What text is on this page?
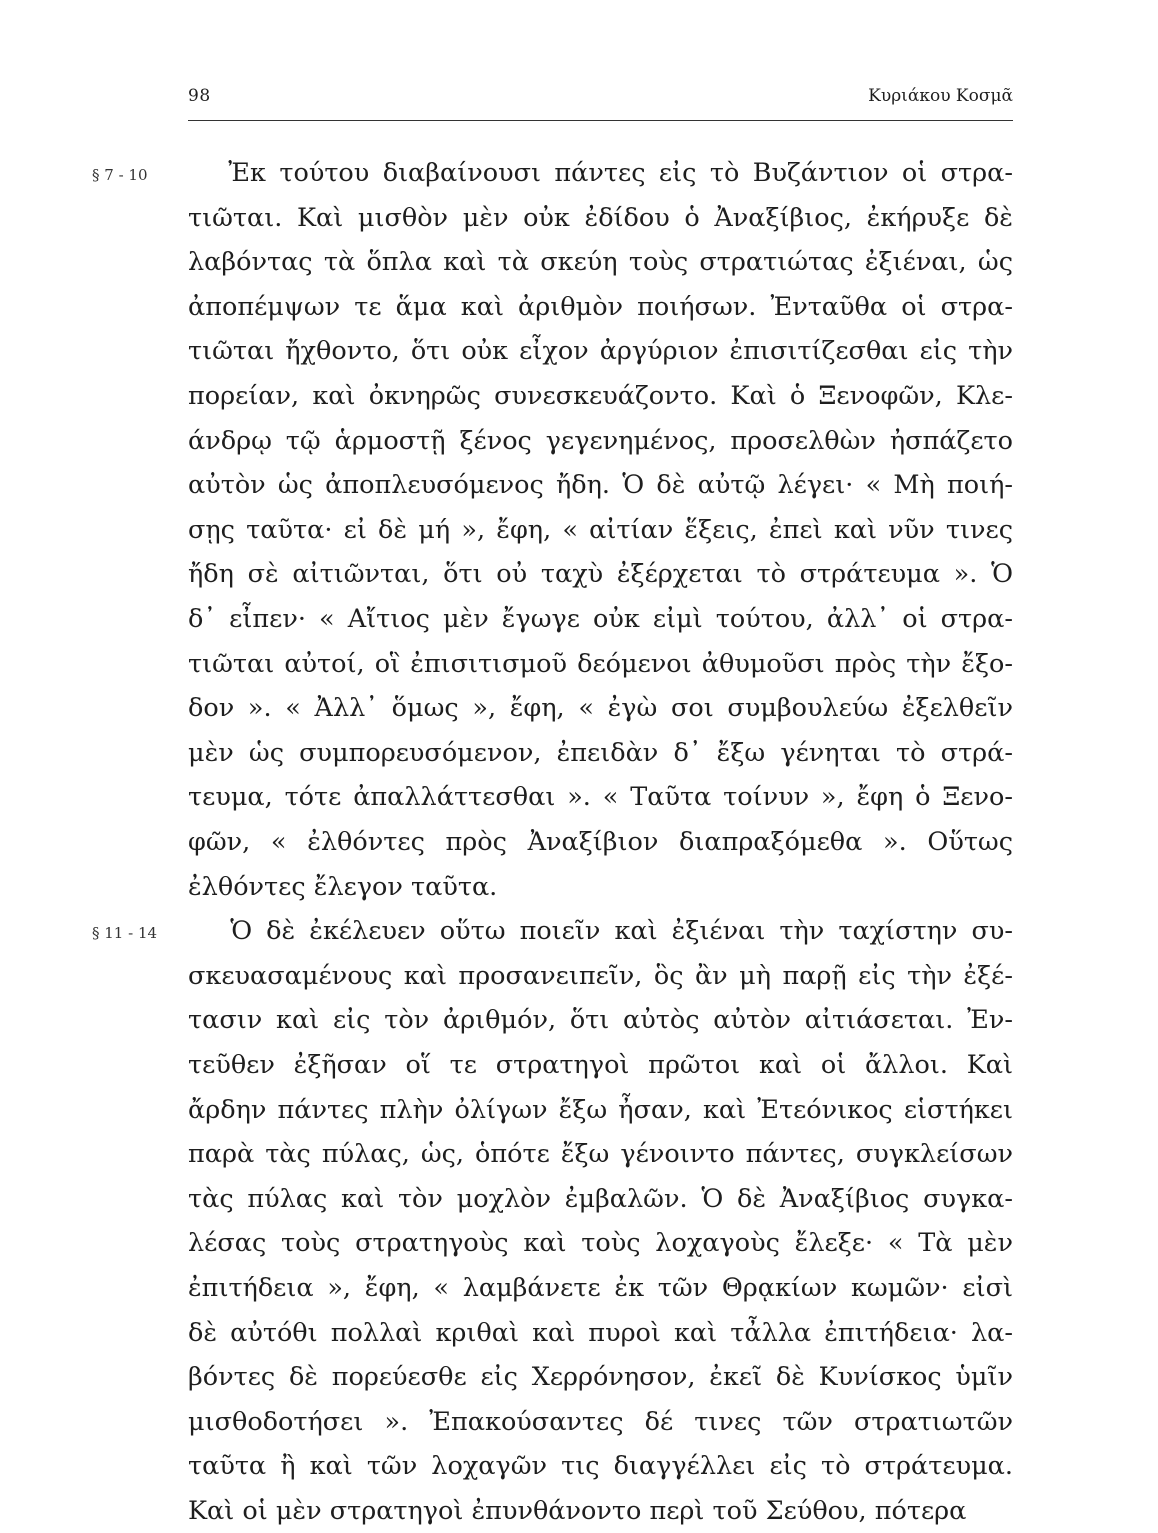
98	Κυριάκου Κοσμᾶ
§ 7 - 10 Ἐκ τούτου διαβαίνουσι πάντες εἰς τὸ Βυζάντιον οἱ στρα-
τιῶται. Καὶ μισθὸν μὲν οὐκ ἐδίδου ὁ Ἀναξίβιος, ἐκήρυξε δὲ
λαβόντας τὰ ὅπλα καὶ τὰ σκεύη τοὺς στρατιώτας ἐξιέναι, ὡς
ἀποπέμψων τε ἅμα καὶ ἀριθμὸν ποιήσων. Ἐνταῦθα οἱ στρα-
τιῶται ἤχθοντο, ὅτι οὐκ εἶχον ἀργύριον ἐπισιτίζεσθαι εἰς τὴν
πορείαν, καὶ ὀκνηρῶς συνεσκευάζοντο. Καὶ ὁ Ξενοφῶν, Κλε-
άνδρῳ τῷ ἁρμοστῇ ξένος γεγενημένος, προσελθὼν ἠσπάζετο
αὐτὸν ὡς ἀποπλευσόμενος ἤδη. Ὁ δὲ αὐτῷ λέγει· « Μὴ ποιή-
σῃς ταῦτα· εἰ δὲ μή », ἔφη, « αἰτίαν ἕξεις, ἐπεὶ καὶ νῦν τινες
ἤδη σὲ αἰτιῶνται, ὅτι οὐ ταχὺ ἐξέρχεται τὸ στράτευμα ». Ὁ
δ᾽ εἶπεν· « Αἴτιος μὲν ἔγωγε οὐκ εἰμὶ τούτου, ἀλλ᾽ οἱ στρα-
τιῶται αὐτοί, οἳ ἐπισιτισμοῦ δεόμενοι ἀθυμοῦσι πρὸς τὴν ἔξο-
δον ». « Ἀλλ᾽ ὅμως », ἔφη, « ἐγὼ σοι συμβουλεύω ἐξελθεῖν
μὲν ὡς συμπορευσόμενον, ἐπειδὰν δ᾽ ἔξω γένηται τὸ στρά-
τευμα, τότε ἀπαλλάττεσθαι ». « Ταῦτα τοίνυν », ἔφη ὁ Ξενο-
φῶν, « ἐλθόντες πρὸς Ἀναξίβιον διαπραξόμεθα ». Οὕτως
ἐλθόντες ἔλεγον ταῦτα.
§ 11 - 14 Ὁ δὲ ἐκέλευεν οὕτω ποιεῖν καὶ ἐξιέναι τὴν ταχίστην συ-
σκευασαμένους καὶ προσανειπεῖν, ὃς ἂν μὴ παρῇ εἰς τὴν ἐξέ-
τασιν καὶ εἰς τὸν ἀριθμόν, ὅτι αὐτὸς αὐτὸν αἰτιάσεται. Ἐν-
τεῦθεν ἐξῆσαν οἵ τε στρατηγοὶ πρῶτοι καὶ οἱ ἄλλοι. Καὶ
ἄρδην πάντες πλὴν ὀλίγων ἔξω ἦσαν, καὶ Ἐτεόνικος εἱστήκει
παρὰ τὰς πύλας, ὡς, ὁπότε ἔξω γένοιντο πάντες, συγκλείσων
τὰς πύλας καὶ τὸν μοχλὸν ἐμβαλῶν. Ὁ δὲ Ἀναξίβιος συγκα-
λέσας τοὺς στρατηγοὺς καὶ τοὺς λοχαγοὺς ἔλεξε· « Τὰ μὲν
ἐπιτήδεια », ἔφη, « λαμβάνετε ἐκ τῶν Θρᾳκίων κωμῶν· εἰσὶ
δὲ αὐτόθι πολλαὶ κριθαὶ καὶ πυροὶ καὶ τἆλλα ἐπιτήδεια· λα-
βόντες δὲ πορεύεσθε εἰς Χερρόνησον, ἐκεῖ δὲ Κυνίσκος ὑμῖν
μισθοδοτήσει ». Ἐπακούσαντες δέ τινες τῶν στρατιωτῶν
ταῦτα ἢ καὶ τῶν λοχαγῶν τις διαγγέλλει εἰς τὸ στράτευμα.
Καὶ οἱ μὲν στρατηγοὶ ἐπυνθάνοντο περὶ τοῦ Σεύθου, πότερα
